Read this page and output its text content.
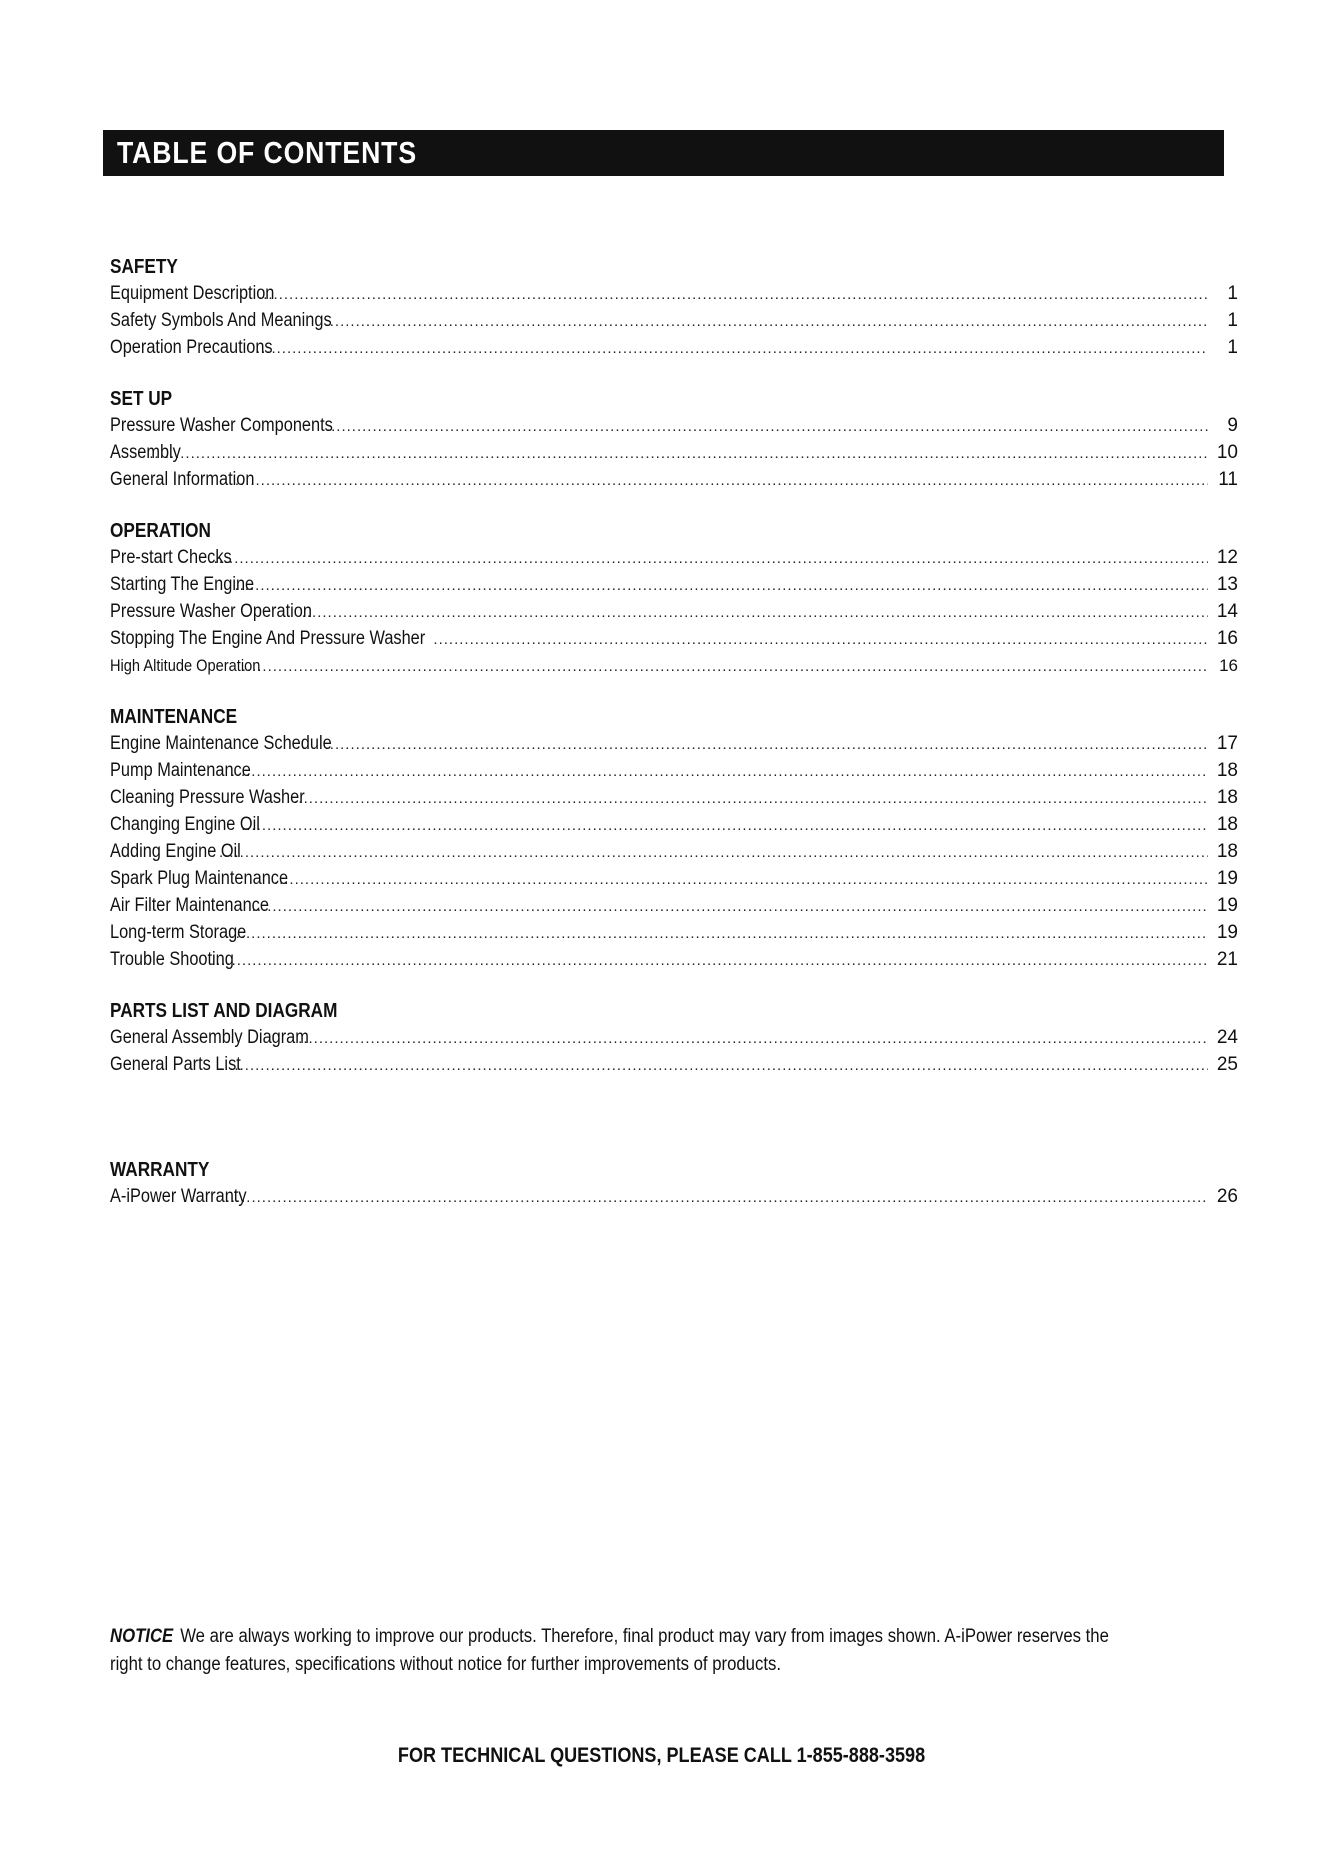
TABLE OF CONTENTS
SAFETY
Equipment Description .....	1
Safety Symbols And Meanings .....	1
Operation Precautions .....	1
SET UP
Pressure Washer Components .....	9
Assembly .....	10
General Information .....	11
OPERATION
Pre-start Checks .....	12
Starting The Engine .....	13
Pressure Washer Operation .....	14
Stopping The Engine And Pressure Washer .....	16
High Altitude Operation .....	16
MAINTENANCE
Engine Maintenance Schedule .....	17
Pump Maintenance .....	18
Cleaning Pressure Washer .....	18
Changing Engine Oil .....	18
Adding Engine Oil .....	18
Spark Plug Maintenance .....	19
Air Filter Maintenance .....	19
Long-term Storage .....	19
Trouble Shooting .....	21
PARTS LIST AND DIAGRAM
General Assembly Diagram .....	24
General Parts List .....	25
WARRANTY
A-iPower Warranty .....	26
NOTICE We are always working to improve our products. Therefore, final product may vary from images shown. A-iPower reserves the right to change features, specifications without notice for further improvements of products.
FOR TECHNICAL QUESTIONS, PLEASE CALL 1-855-888-3598
